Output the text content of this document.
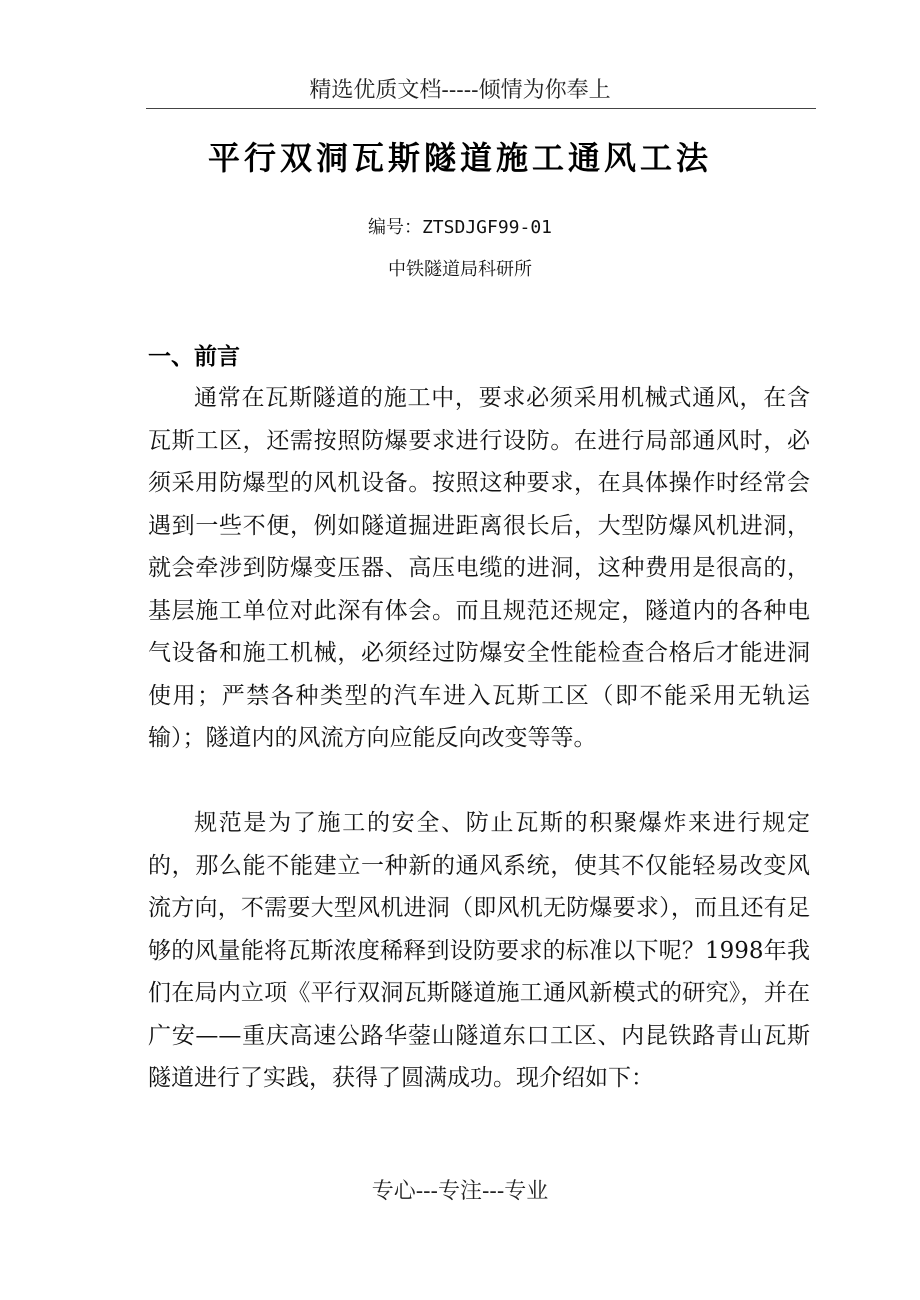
精选优质文档-----倾情为你奉上
平行双洞瓦斯隧道施工通风工法
编号：ZTSDJGF99-01
中铁隧道局科研所
一、前言

通常在瓦斯隧道的施工中，要求必须采用机械式通风，在含瓦斯工区，还需按照防爆要求进行设防。在进行局部通风时，必须采用防爆型的风机设备。按照这种要求，在具体操作时经常会遇到一些不便，例如隧道掘进距离很长后，大型防爆风机进洞，就会牵涉到防爆变压器、高压电缆的进洞，这种费用是很高的，基层施工单位对此深有体会。而且规范还规定，隧道内的各种电气设备和施工机械，必须经过防爆安全性能检查合格后才能进洞使用；严禁各种类型的汽车进入瓦斯工区（即不能采用无轨运输）；隧道内的风流方向应能反向改变等等。

规范是为了施工的安全、防止瓦斯的积聚爆炸来进行规定的，那么能不能建立一种新的通风系统，使其不仅能轻易改变风流方向，不需要大型风机进洞（即风机无防爆要求），而且还有足够的风量能将瓦斯浓度稀释到设防要求的标准以下呢？1998年我们在局内立项《平行双洞瓦斯隧道施工通风新模式的研究》，并在广安——重庆高速公路华蓥山隧道东口工区、内昆铁路青山瓦斯隧道进行了实践，获得了圆满成功。现介绍如下：

专心---专注---专业
